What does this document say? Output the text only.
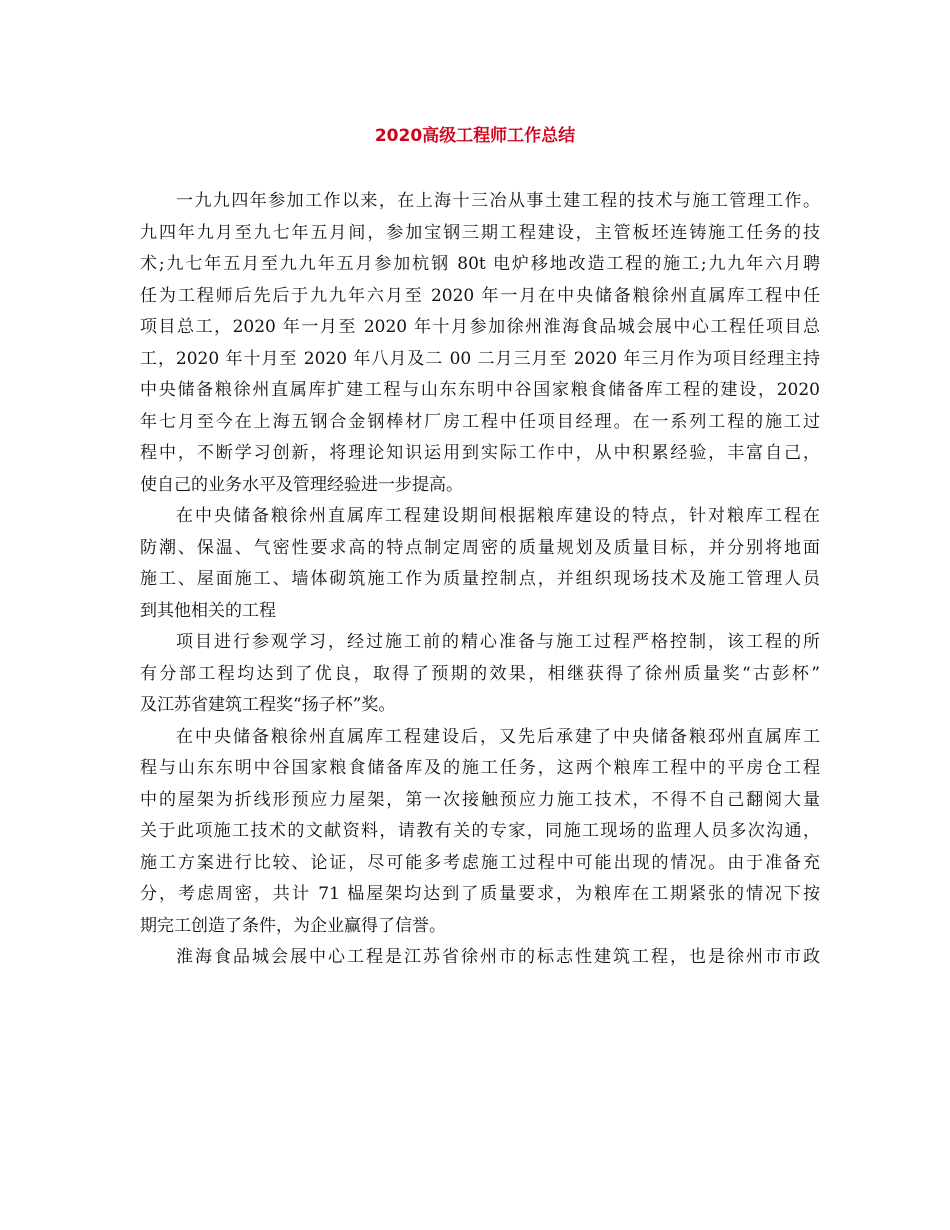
2020高级工程师工作总结
一九九四年参加工作以来，在上海十三冶从事土建工程的技术与施工管理工作。
九四年九月至九七年五月间，参加宝钢三期工程建设，主管板坯连铸施工任务的技
术;九七年五月至九九年五月参加杭钢 80t 电炉移地改造工程的施工;九九年六月聘
任为工程师后先后于九九年六月至 2020 年一月在中央储备粮徐州直属库工程中任
项目总工，2020 年一月至 2020 年十月参加徐州淮海食品城会展中心工程任项目总
工，2020 年十月至 2020 年八月及二 00 二月三月至 2020 年三月作为项目经理主持
中央储备粮徐州直属库扩建工程与山东东明中谷国家粮食储备库工程的建设，2020
年七月至今在上海五钢合金钢棒材厂房工程中任项目经理。在一系列工程的施工过
程中，不断学习创新，将理论知识运用到实际工作中，从中积累经验，丰富自己，
使自己的业务水平及管理经验进一步提高。
在中央储备粮徐州直属库工程建设期间根据粮库建设的特点，针对粮库工程在
防潮、保温、气密性要求高的特点制定周密的质量规划及质量目标，并分别将地面
施工、屋面施工、墙体砌筑施工作为质量控制点，并组织现场技术及施工管理人员
到其他相关的工程
项目进行参观学习，经过施工前的精心准备与施工过程严格控制，该工程的所
有分部工程均达到了优良，取得了预期的效果，相继获得了徐州质量奖“古彭杯”
及江苏省建筑工程奖“扬子杯”奖。
在中央储备粮徐州直属库工程建设后，又先后承建了中央储备粮邳州直属库工
程与山东东明中谷国家粮食储备库及的施工任务，这两个粮库工程中的平房仓工程
中的屋架为折线形预应力屋架，第一次接触预应力施工技术，不得不自己翻阅大量
关于此项施工技术的文献资料，请教有关的专家，同施工现场的监理人员多次沟通，
施工方案进行比较、论证，尽可能多考虑施工过程中可能出现的情况。由于准备充
分，考虑周密，共计 71 榀屋架均达到了质量要求，为粮库在工期紧张的情况下按
期完工创造了条件，为企业赢得了信誉。
淮海食品城会展中心工程是江苏省徐州市的标志性建筑工程，也是徐州市市政
